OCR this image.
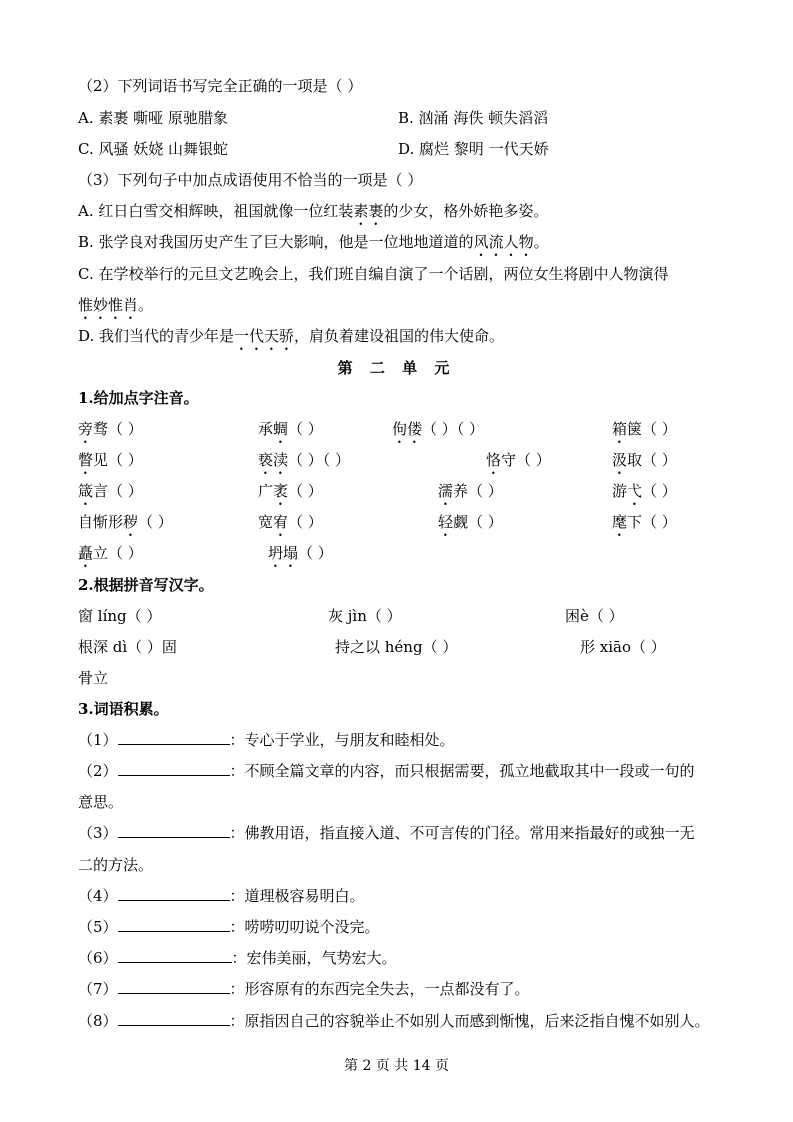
（2）下列词语书写完全正确的一项是（ ）
A. 素裹 嘶哑 原驰腊象	B. 汹涌 海佚 顿失滔滔
C. 风骚 妖娆 山舞银蛇	D. 腐烂 黎明 一代天娇
（3）下列句子中加点成语使用不恰当的一项是（ ）
A. 红日白雪交相辉映，祖国就像一位红装素裹的少女，格外娇艳多姿。
B. 张学良对我国历史产生了巨大影响，他是一位地地道道的风流人物。
C. 在学校举行的元旦文艺晚会上，我们班自编自演了一个话剧，两位女生将剧中人物演得
惟妙惟肖。
D. 我们当代的青少年是一代天骄，肩负着建设祖国的伟大使命。
第 二 单 元
1.给加点字注音。
旁骛（ ）	承蜩（ ）	佝偻（ ）（ ）	箱箧（ ）
瞥见（ ）	亵渎（ ）（ ）	恪守（ ）	汲取（ ）
箴言（ ）	广袤（ ）	濡养（ ）	游弋（ ）
自惭形秽（ ）	宽宥（ ）	轻觑（ ）	麾下（ ）
矗立（ ）	坍塌（ ）
2.根据拼音写汉字。
窗 líng（ ）	灰 jìn（ ）	困è（ ）
根深 dì（ ）固	持之以 héng（ ）	形 xiāo（ ）
骨立
3.词语积累。
（1）	：专心于学业，与朋友和睦相处。
（2）	：不顾全篇文章的内容，而只根据需要，孤立地截取其中一段或一句的
意思。
（3）	：佛教用语，指直接入道、不可言传的门径。常用来指最好的或独一无
二的方法。
（4）	：道理极容易明白。
（5）	：唠唠叨叨说个没完。
（6）	：宏伟美丽，气势宏大。
（7）	：形容原有的东西完全失去，一点都没有了。
（8）	：原指因自己的容貌举止不如别人而感到惭愧，后来泛指自愧不如别人。
第 2 页 共 14 页
